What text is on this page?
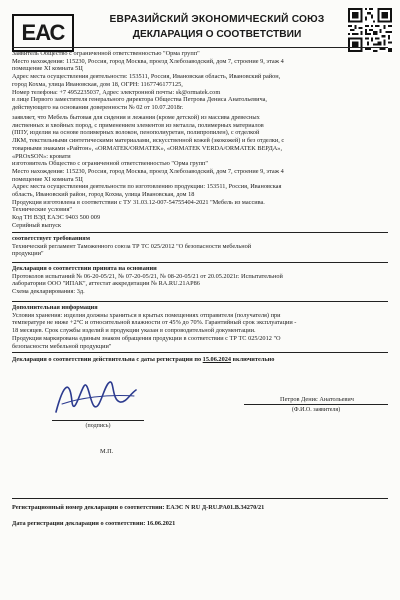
ЕАС
ЕВРАЗИЙСКИЙ ЭКОНОМИЧЕСКИЙ СОЮЗ
ДЕКЛАРАЦИЯ О СООТВЕТСТВИИ

Заявитель Общество с ограниченной ответственностью "Орма групп"

Место нахождения: 115230, Россия, город Москва, проезд Хлебозаводский, дом 7, строение 9, этаж 4

помещение XI комната 5Ц

Адрес места осуществления деятельности: 153511, Россия, Ивановская область, Ивановский район,

город Кохма, улица Ивановская, дом 18, ОГРН: 1167746177125,

Номер телефона: +7 4952235037, Адрес электронной почты: sk@ormatek.com

в лице Первого заместителя генерального директора Общества Петрова Дениса Анатольевича,

действующего на основании доверенности № 02 от 10.07.2018г.

заявляет, что Мебель бытовая для сидения и лежания (кроме детской) из массива древесных

лиственных и хвойных пород, с применением элементов из металла, полимерных материалов

(ППУ, изделия на основе полимерных волокон, пенополиуретан, полипропилен), с отделкой

ЛКМ, текстильными синтетическими материалами, искусственной кожей (экокожей) и без отделки, с

товарными знаками «Райтон», «ORMATEK/ORMATEK», «ORMATEK VERDA/ORMATEK ВЕРДА»,

«PROxSON»: кровати

изготовитель Общество с ограниченной ответственностью "Орма групп"

Место нахождения: 115230, Россия, город Москва, проезд Хлебозаводский, дом 7, строение 9, этаж 4

помещение XI комната 5Ц

Адрес места осуществления деятельности по изготовлению продукции: 153511, Россия, Ивановская

область, Ивановский район, город Кохма, улица Ивановская, дом 18

Продукция изготовлена в соответствии с ТУ 31.03.12-007-54755404-2021 "Мебель из массива.

Технические условия"

Код ТН ВЭД ЕАЭС 9403 500 009

Серийный выпуск

соответствует требованиям

Технический регламент Таможенного союза ТР ТС 025/2012 "О безопасности мебельной

продукции"

Декларация о соответствии принята на основании

Протоколов испытаний № 06-20-05/21, № 07-20-05/21, № 08-20-05/21 от 20.05.2021г. Испытательной

лаборатории ООО "ИПАК", аттестат аккредитации № RA.RU.21AP86

Схема декларирования: 3д.

Дополнительная информация

Условия хранения: изделия должны храниться в крытых помещениях отправителя (получателя) при

температуре не ниже +2°С и относительной влажности от 45% до 70%. Гарантийный срок эксплуатации -

18 месяцев. Срок службы изделий и продукции указан в сопроводительной документации.

Продукция маркирована единым знаком обращения продукции в соответствии с ТР ТС 025/2012 "О

безопасности мебельной продукции"

Декларация о соответствии действительна с даты регистрации по 15.06.2024 включительно
Петров Денис Анатольевич
(подпись)
(Ф.И.О. заявителя)
М.П.
Регистрационный номер декларации о соответствии: ЕАЭС N RU Д-RU.PA01.B.34270/21
Дата регистрации декларации о соответствии: 16.06.2021
